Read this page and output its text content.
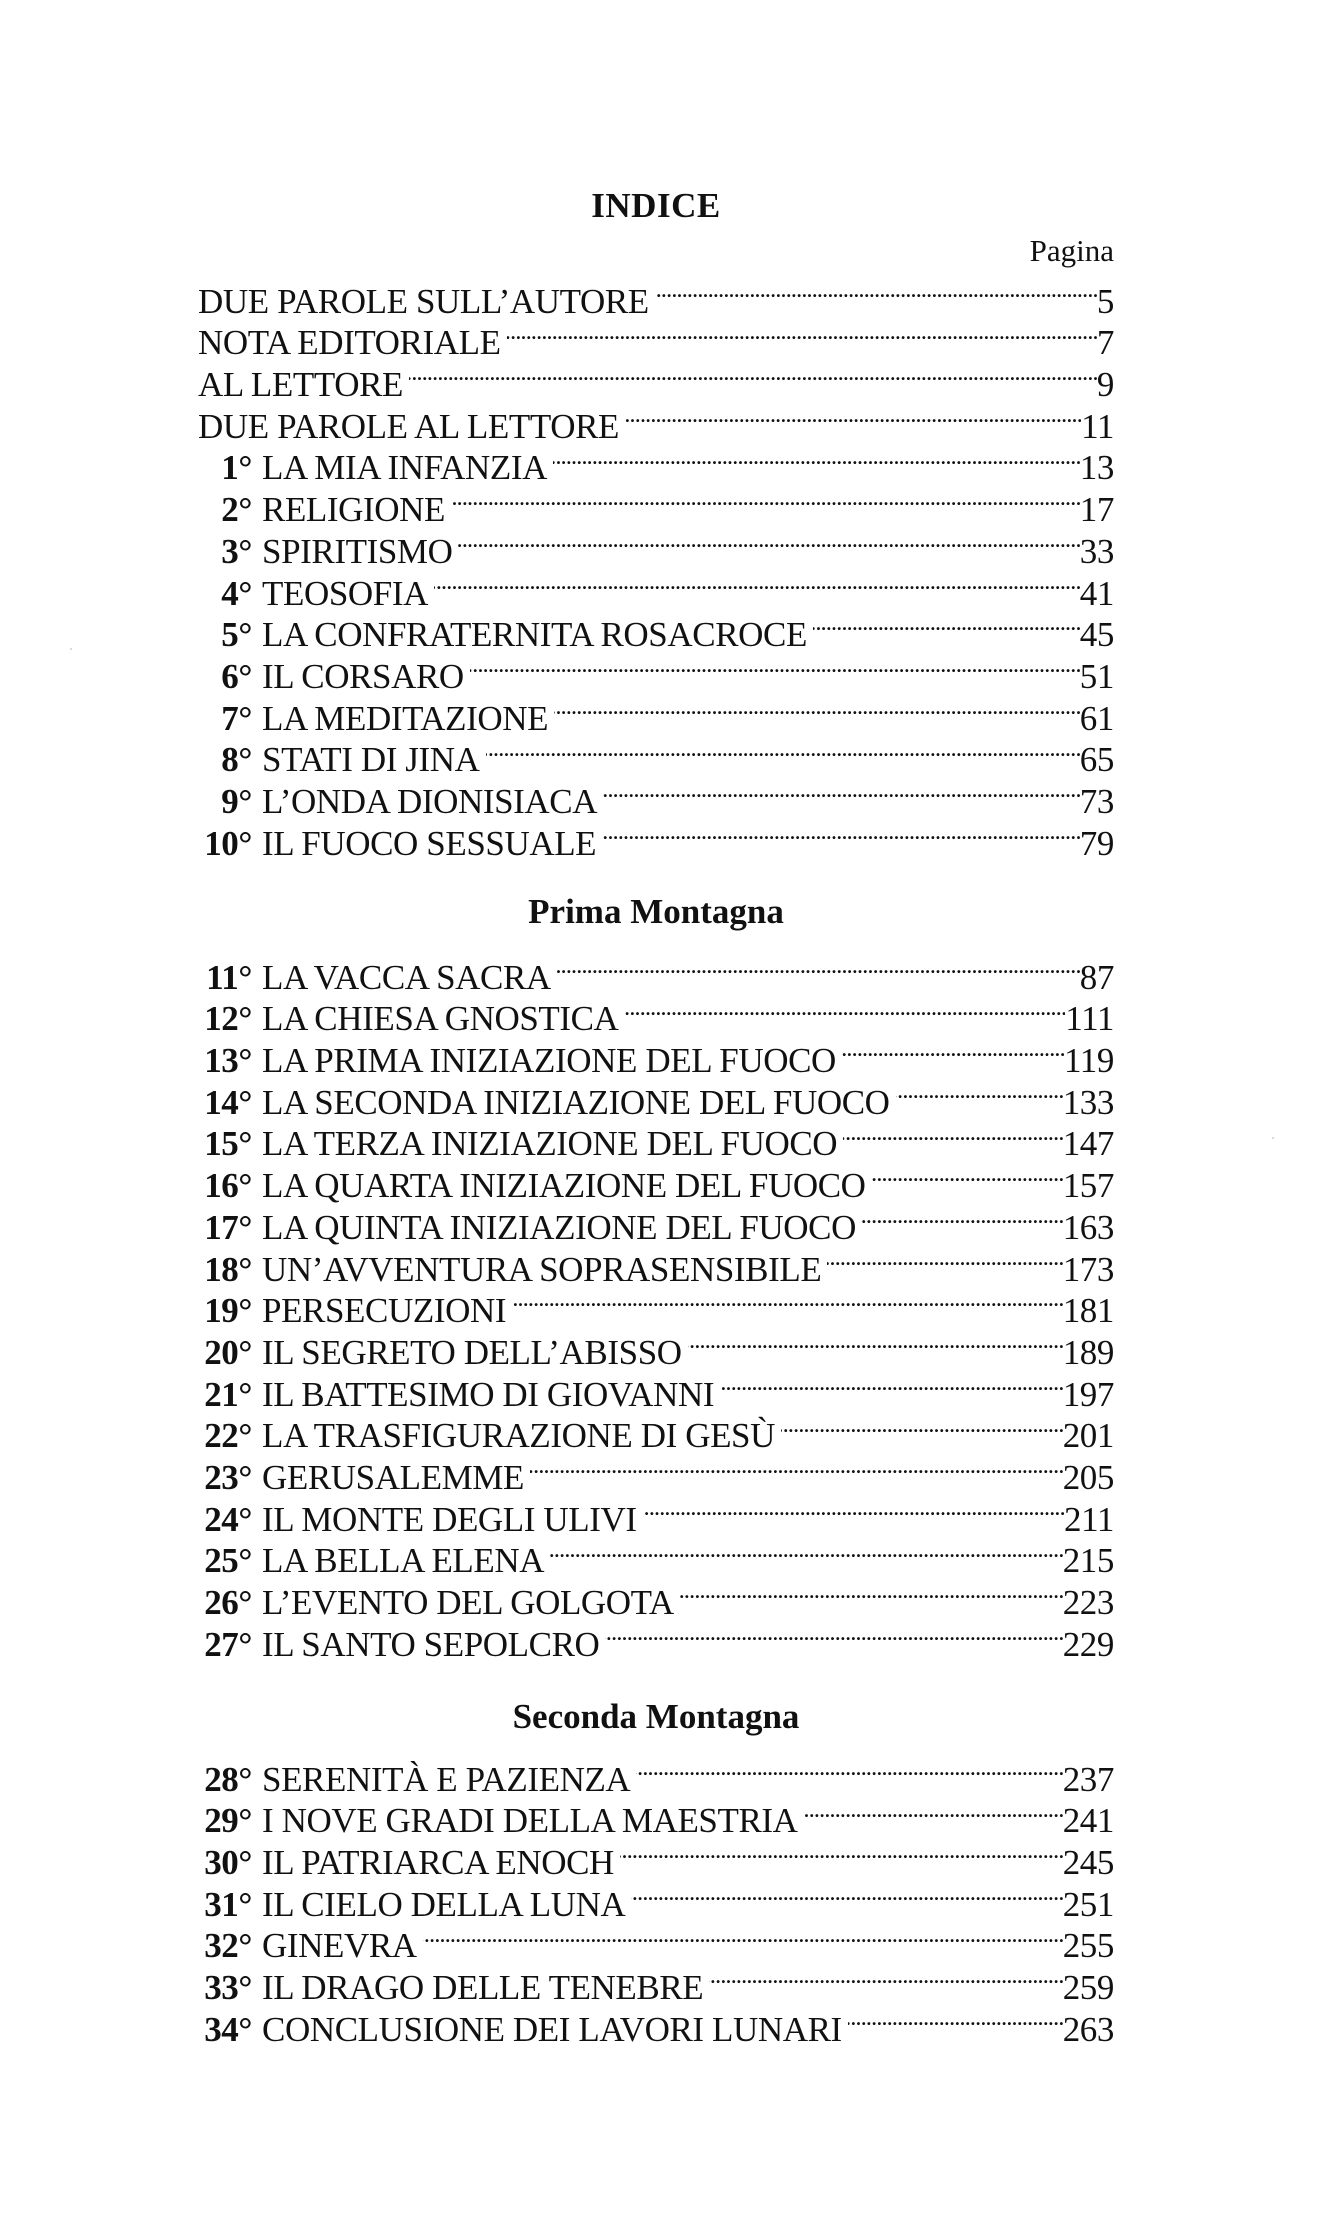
INDICE
Pagina
DUE PAROLE SULL’AUTORE . . .	5
NOTA EDITORIALE . . .	7
AL LETTORE . . .	9
DUE PAROLE AL LETTORE . . .	11
1° LA MIA INFANZIA . . .	13
2° RELIGIONE . . .	17
3° SPIRITISMO . . .	33
4° TEOSOFIA . . .	41
5° LA CONFRATERNITA ROSACROCE . . .	45
6° IL CORSARO . . .	51
7° LA MEDITAZIONE . . .	61
8° STATI DI JINA . . .	65
9° L’ONDA DIONISIACA . . .	73
10° IL FUOCO SESSUALE . . .	79
Prima Montagna
11° LA VACCA SACRA . . .	87
12° LA CHIESA GNOSTICA . . .	111
13° LA PRIMA INIZIAZIONE DEL FUOCO . . .	119
14° LA SECONDA INIZIAZIONE DEL FUOCO . . .	133
15° LA TERZA INIZIAZIONE DEL FUOCO . . .	147
16° LA QUARTA INIZIAZIONE DEL FUOCO . . .	157
17° LA QUINTA INIZIAZIONE DEL FUOCO . . .	163
18° UN’AVVENTURA SOPRASENSIBILE . . .	173
19° PERSECUZIONI . . .	181
20° IL SEGRETO DELL’ABISSO . . .	189
21° IL BATTESIMO DI GIOVANNI . . .	197
22° LA TRASFIGURAZIONE DI GESÙ . . .	201
23° GERUSALEMME . . .	205
24° IL MONTE DEGLI ULIVI . . .	211
25° LA BELLA ELENA . . .	215
26° L’EVENTO DEL GOLGOTA . . .	223
27° IL SANTO SEPOLCRO . . .	229
Seconda Montagna
28° SERENITÀ E PAZIENZA . . .	237
29° I NOVE GRADI DELLA MAESTRIA . . .	241
30° IL PATRIARCA ENOCH . . .	245
31° IL CIELO DELLA LUNA . . .	251
32° GINEVRA . . .	255
33° IL DRAGO DELLE TENEBRE . . .	259
34° CONCLUSIONE DEI LAVORI LUNARI . . .	263
